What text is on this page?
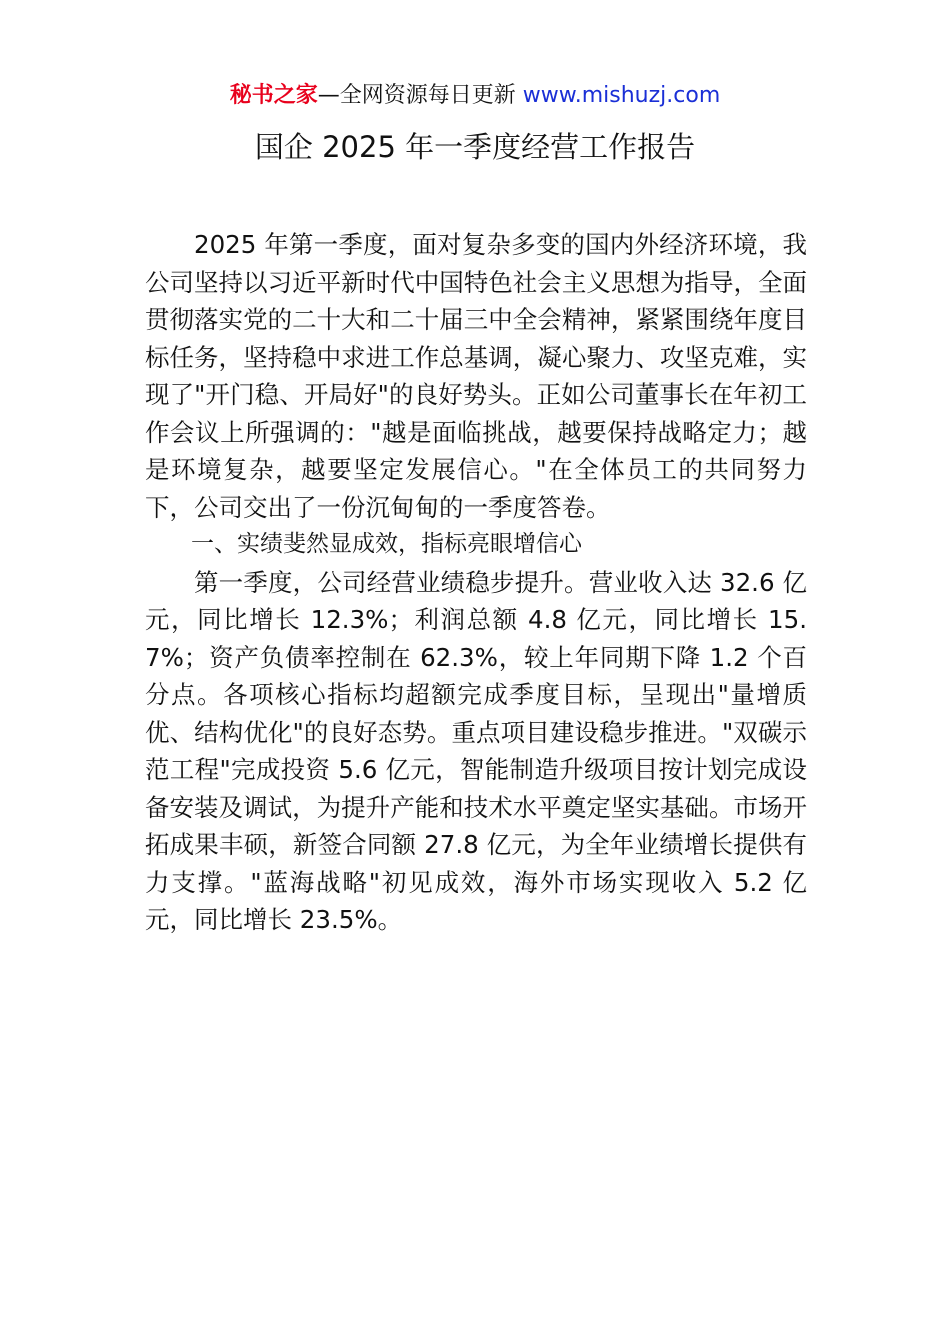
秘书之家—全网资源每日更新 www.mishuzj.com
国企 2025 年一季度经营工作报告

2025 年第一季度，面对复杂多变的国内外经济环境，我公司坚持以习近平新时代中国特色社会主义思想为指导，全面贯彻落实党的二十大和二十届三中全会精神，紧紧围绕年度目标任务，坚持稳中求进工作总基调，凝心聚力、攻坚克难，实现了"开门稳、开局好"的良好势头。正如公司董事长在年初工作会议上所强调的："越是面临挑战，越要保持战略定力；越是环境复杂，越要坚定发展信心。"在全体员工的共同努力下，公司交出了一份沉甸甸的一季度答卷。

一、实绩斐然显成效，指标亮眼增信心

第一季度，公司经营业绩稳步提升。营业收入达 32.6 亿元，同比增长 12.3%；利润总额 4.8 亿元，同比增长 15.7%；资产负债率控制在 62.3%，较上年同期下降 1.2 个百分点。各项核心指标均超额完成季度目标，呈现出"量增质优、结构优化"的良好态势。重点项目建设稳步推进。"双碳示范工程"完成投资 5.6 亿元，智能制造升级项目按计划完成设备安装及调试，为提升产能和技术水平奠定坚实基础。市场开拓成果丰硕，新签合同额 27.8 亿元，为全年业绩增长提供有力支撑。"蓝海战略"初见成效，海外市场实现收入 5.2 亿元，同比增长 23.5%。
